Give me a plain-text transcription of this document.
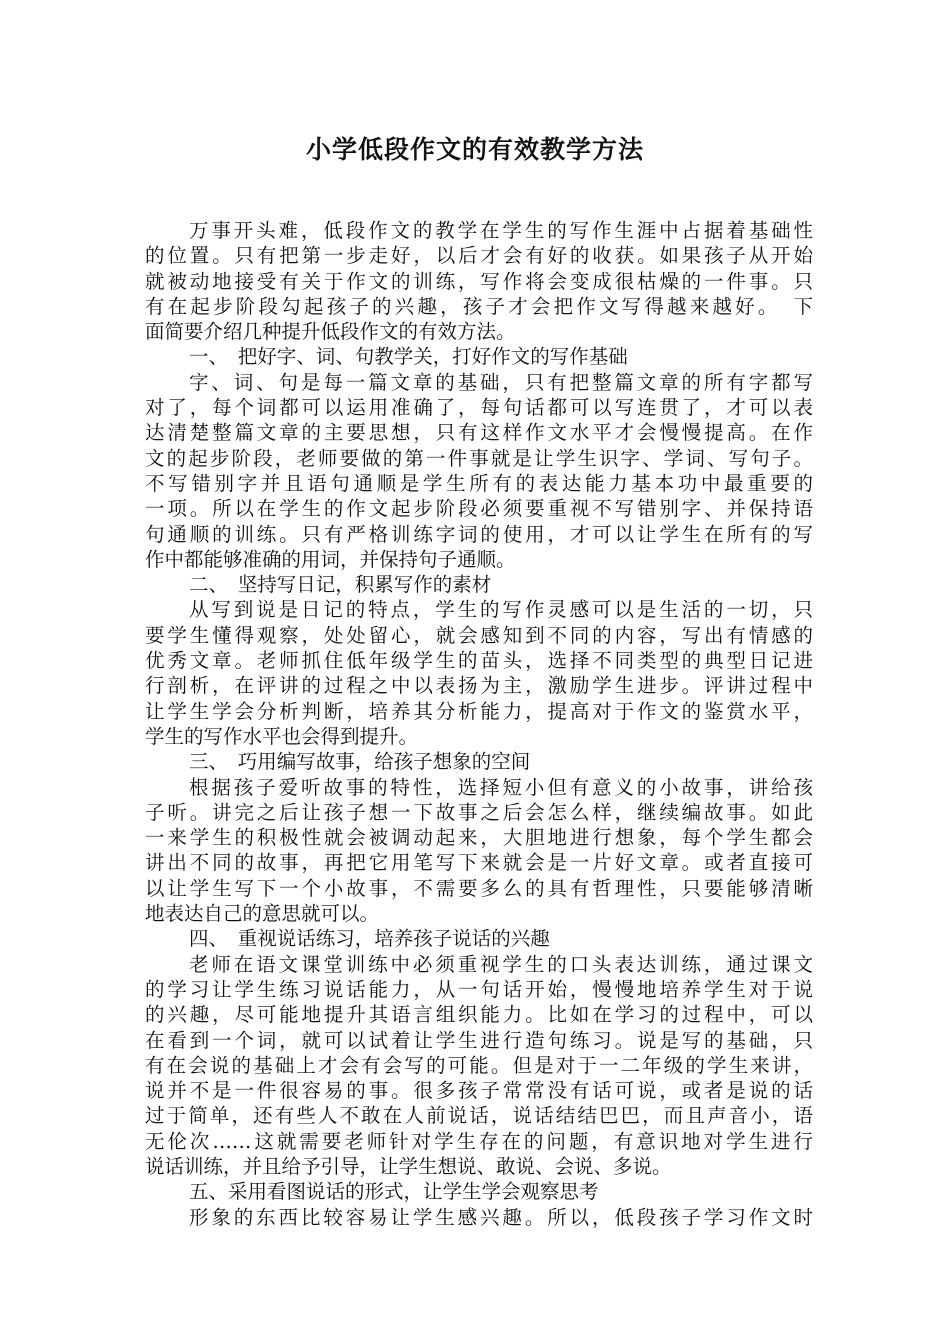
小学低段作文的有效教学方法
万事开头难，低段作文的教学在学生的写作生涯中占据着基础性
的位置。只有把第一步走好，以后才会有好的收获。如果孩子从开始
就被动地接受有关于作文的训练，写作将会变成很枯燥的一件事。只
有在起步阶段勾起孩子的兴趣，孩子才会把作文写得越来越好。　下
面简要介绍几种提升低段作文的有效方法。
一、　把好字、词、句教学关，打好作文的写作基础
字、词、句是每一篇文章的基础，只有把整篇文章的所有字都写
对了，每个词都可以运用准确了，每句话都可以写连贯了，才可以表
达清楚整篇文章的主要思想，只有这样作文水平才会慢慢提高。在作
文的起步阶段，老师要做的第一件事就是让学生识字、学词、写句子。
不写错别字并且语句通顺是学生所有的表达能力基本功中最重要的
一项。所以在学生的作文起步阶段必须要重视不写错别字、并保持语
句通顺的训练。只有严格训练字词的使用，才可以让学生在所有的写
作中都能够准确的用词，并保持句子通顺。
二、　坚持写日记，积累写作的素材
从写到说是日记的特点，学生的写作灵感可以是生活的一切，只
要学生懂得观察，处处留心，就会感知到不同的内容，写出有情感的
优秀文章。老师抓住低年级学生的苗头，选择不同类型的典型日记进
行剖析，在评讲的过程之中以表扬为主，激励学生进步。评讲过程中
让学生学会分析判断，培养其分析能力，提高对于作文的鉴赏水平，
学生的写作水平也会得到提升。
三、　巧用编写故事，给孩子想象的空间
根据孩子爱听故事的特性，选择短小但有意义的小故事，讲给孩
子听。讲完之后让孩子想一下故事之后会怎么样，继续编故事。如此
一来学生的积极性就会被调动起来，大胆地进行想象，每个学生都会
讲出不同的故事，再把它用笔写下来就会是一片好文章。或者直接可
以让学生写下一个小故事，不需要多么的具有哲理性，只要能够清晰
地表达自己的意思就可以。
四、　重视说话练习，培养孩子说话的兴趣
老师在语文课堂训练中必须重视学生的口头表达训练，通过课文
的学习让学生练习说话能力，从一句话开始，慢慢地培养学生对于说
的兴趣，尽可能地提升其语言组织能力。比如在学习的过程中，可以
在看到一个词，就可以试着让学生进行造句练习。说是写的基础，只
有在会说的基础上才会有会写的可能。但是对于一二年级的学生来讲，
说并不是一件很容易的事。很多孩子常常没有话可说，或者是说的话
过于简单，还有些人不敢在人前说话，说话结结巴巴，而且声音小，语
无伦次……这就需要老师针对学生存在的问题，有意识地对学生进行
说话训练，并且给予引导，让学生想说、敢说、会说、多说。
五、采用看图说话的形式，让学生学会观察思考
形象的东西比较容易让学生感兴趣。所以，低段孩子学习作文时
